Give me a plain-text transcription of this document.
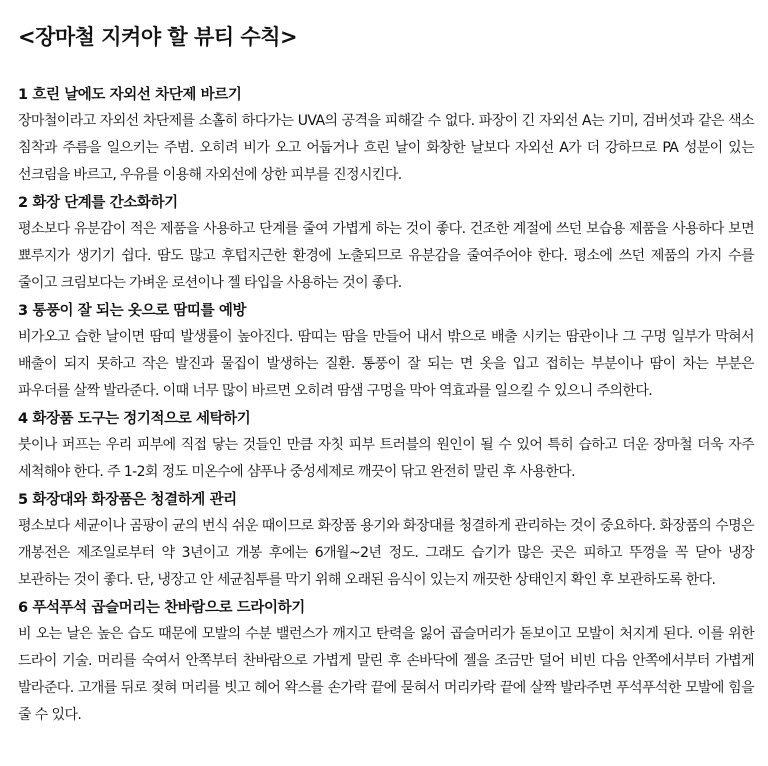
<장마철 지켜야 할 뷰티 수칙>
1 흐린 날에도 자외선 차단제 바르기
장마철이라고 자외선 차단제를 소홀히 하다가는 UVA의 공격을 피해갈 수 없다. 파장이 긴 자외선 A는 기미, 검버섯과 같은 색소 침착과 주름을 일으키는 주범. 오히려 비가 오고 어둡거나 흐린 날이 화창한 날보다 자외선 A가 더 강하므로 PA 성분이 있는 선크림을 바르고, 우유를 이용해 자외선에 상한 피부를 진정시킨다.
2 화장 단계를 간소화하기
평소보다 유분감이 적은 제품을 사용하고 단계를 줄여 가볍게 하는 것이 좋다. 건조한 계절에 쓰던 보습용 제품을 사용하다 보면 뾰루지가 생기기 쉽다. 땀도 많고 후텁지근한 환경에 노출되므로 유분감을 줄여주어야 한다. 평소에 쓰던 제품의 가지 수를 줄이고 크림보다는 가벼운 로션이나 젤 타입을 사용하는 것이 좋다.
3 통풍이 잘 되는 옷으로 땀띠를 예방
비가오고 습한 날이면 땀띠 발생률이 높아진다. 땀띠는 땀을 만들어 내서 밖으로 배출 시키는 땀관이나 그 구멍 일부가 막혀서 배출이 되지 못하고 작은 발진과 물집이 발생하는 질환. 통풍이 잘 되는 면 옷을 입고 접히는 부분이나 땀이 차는 부분은 파우더를 살짝 발라준다. 이때 너무 많이 바르면 오히려 땀샘 구멍을 막아 역효과를 일으킬 수 있으니 주의한다.
4 화장품 도구는 정기적으로 세탁하기
붓이나 퍼프는 우리 피부에 직접 닿는 것들인 만큼 자칫 피부 트러블의 원인이 될 수 있어 특히 습하고 더운 장마철 더욱 자주 세척해야 한다. 주 1-2회 정도 미온수에 샴푸나 중성세제로 깨끗이 닦고 완전히 말린 후 사용한다.
5 화장대와 화장품은 청결하게 관리
평소보다 세균이나 곰팡이 균의 번식 쉬운 때이므로 화장품 용기와 화장대를 청결하게 관리하는 것이 중요하다. 화장품의 수명은 개봉전은 제조일로부터 약 3년이고 개봉 후에는 6개월~2년 정도. 그래도 습기가 많은 곳은 피하고 뚜껑을 꼭 닫아 냉장 보관하는 것이 좋다. 단, 냉장고 안 세균침투를 막기 위해 오래된 음식이 있는지 깨끗한 상태인지 확인 후 보관하도록 한다.
6 푸석푸석 곱슬머리는 찬바람으로 드라이하기
비 오는 날은 높은 습도 때문에 모발의 수분 밸런스가 깨지고 탄력을 잃어 곱슬머리가 돋보이고 모발이 처지게 된다. 이를 위한 드라이 기술. 머리를 숙여서 안쪽부터 찬바람으로 가볍게 말린 후 손바닥에 젤을 조금만 덜어 비빈 다음 안쪽에서부터 가볍게 발라준다. 고개를 뒤로 젖혀 머리를 빗고 헤어 왁스를 손가락 끝에 묻혀서 머리카락 끝에 살짝 발라주면 푸석푸석한 모발에 힘을 줄 수 있다.
